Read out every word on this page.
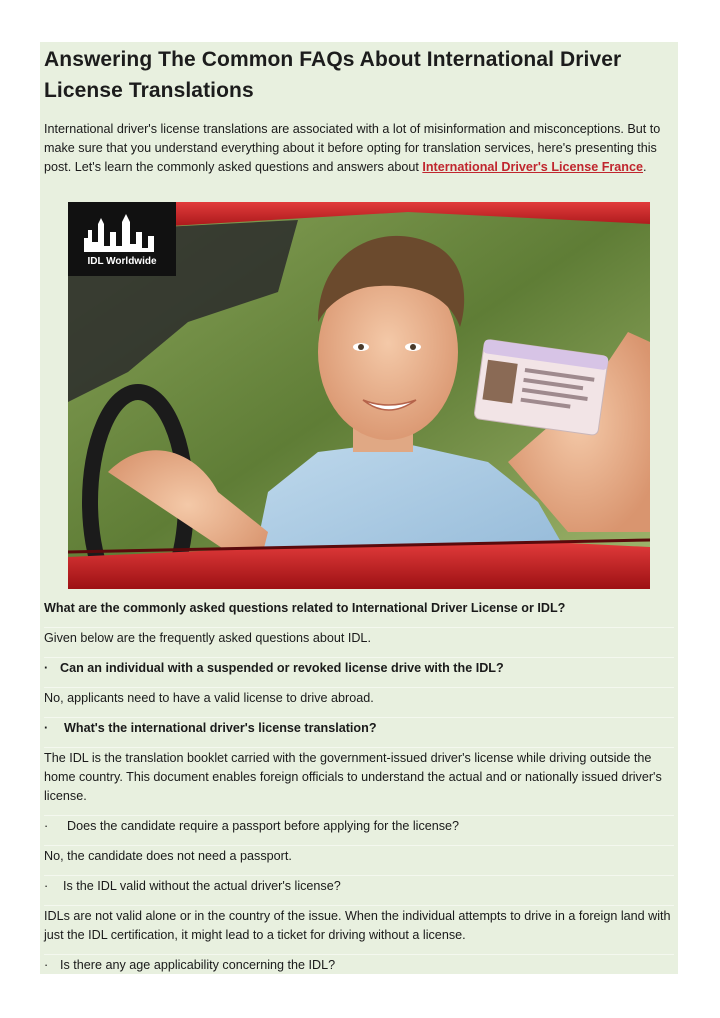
Answering The Common FAQs About International Driver License Translations

International driver's license translations are associated with a lot of misinformation and misconceptions. But to make sure that you understand everything about it before opting for translation services, here's presenting this post. Let's learn the commonly asked questions and answers about International Driver's License France.

IDL Worldwide

What are the commonly asked questions related to International Driver License or IDL?

Given below are the frequently asked questions about IDL.

· Can an individual with a suspended or revoked license drive with the IDL?

No, applicants need to have a valid license to drive abroad.

· What's the international driver's license translation?

The IDL is the translation booklet carried with the government-issued driver's license while driving outside the home country. This document enables foreign officials to understand the actual and or nationally issued driver's license.

· Does the candidate require a passport before applying for the license?

No, the candidate does not need a passport.

· Is the IDL valid without the actual driver's license?

IDLs are not valid alone or in the country of the issue. When the individual attempts to drive in a foreign land with just the IDL certification, it might lead to a ticket for driving without a license.

· Is there any age applicability concerning the IDL?
